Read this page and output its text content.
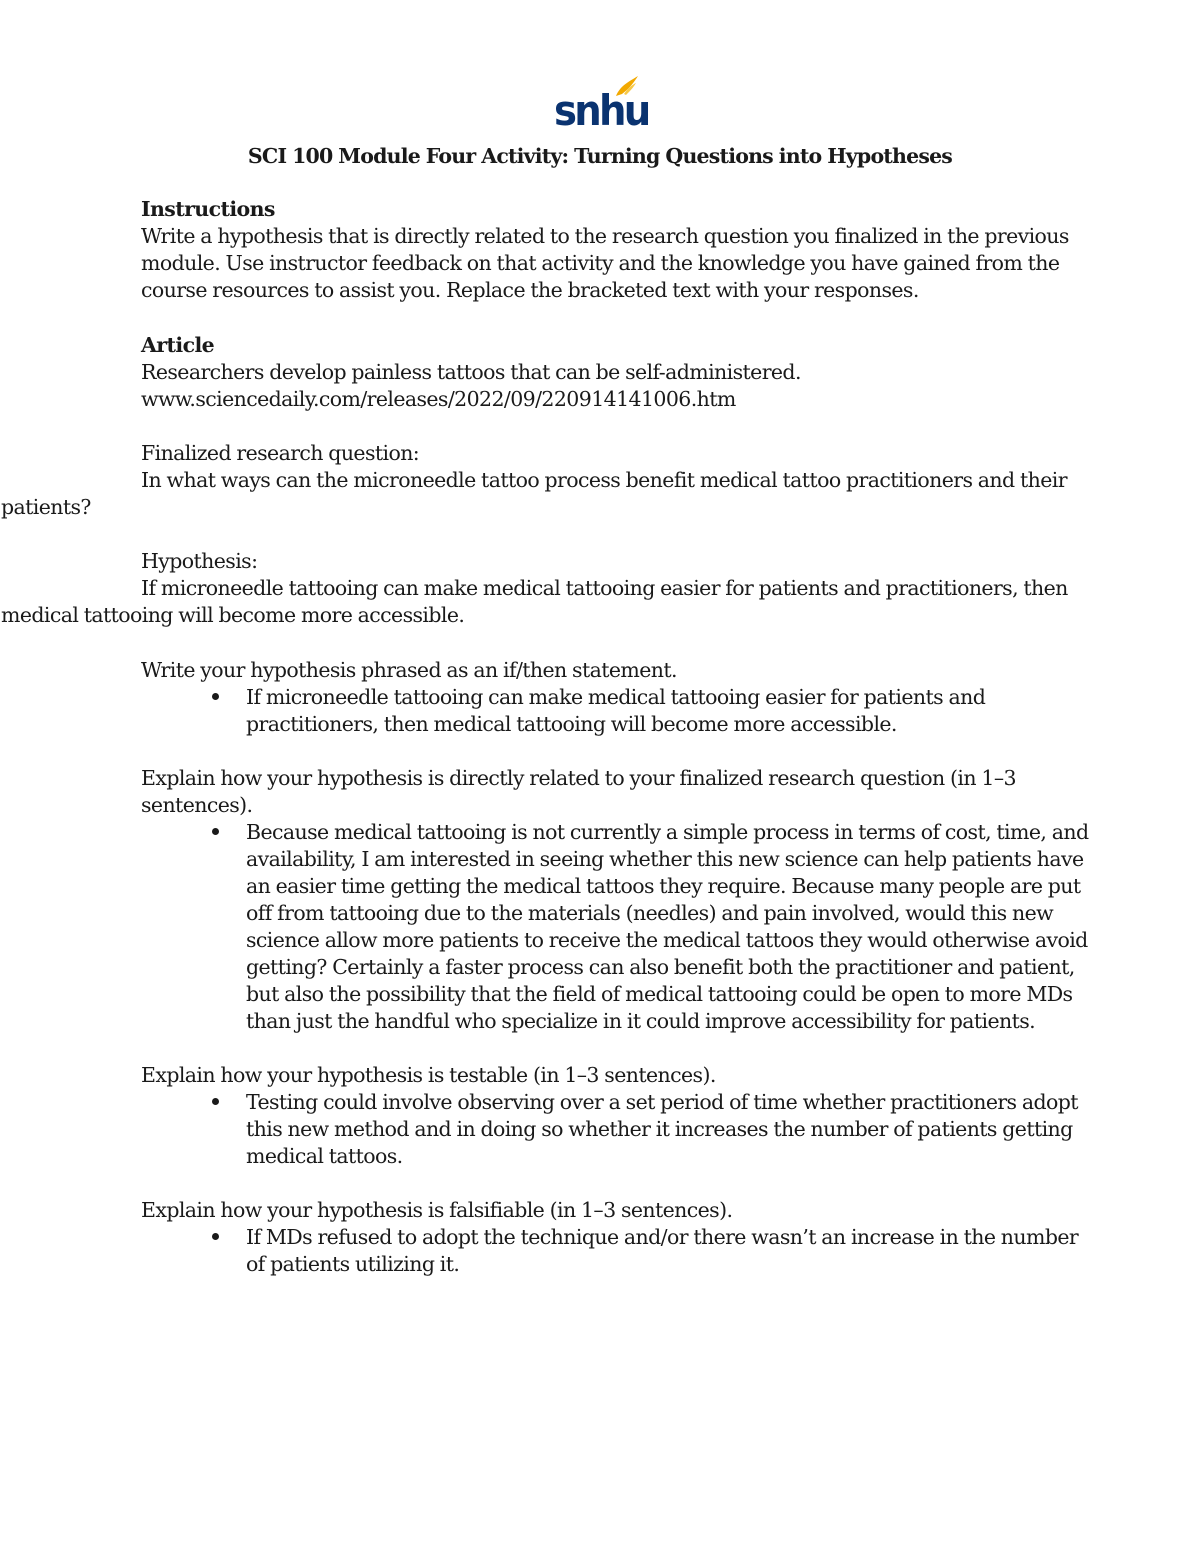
snhu
SCI 100 Module Four Activity: Turning Questions into Hypotheses
Instructions
Write a hypothesis that is directly related to the research question you finalized in the previous
module. Use instructor feedback on that activity and the knowledge you have gained from the
course resources to assist you. Replace the bracketed text with your responses.
Article
Researchers develop painless tattoos that can be self-administered.
www.sciencedaily.com/releases/2022/09/220914141006.htm
Finalized research question:
In what ways can the microneedle tattoo process benefit medical tattoo practitioners and their
patients?
Hypothesis:
If microneedle tattooing can make medical tattooing easier for patients and practitioners, then
medical tattooing will become more accessible.
Write your hypothesis phrased as an if/then statement.
If microneedle tattooing can make medical tattooing easier for patients and
practitioners, then medical tattooing will become more accessible.
Explain how your hypothesis is directly related to your finalized research question (in 1–3
sentences).
Because medical tattooing is not currently a simple process in terms of cost, time, and
availability, I am interested in seeing whether this new science can help patients have
an easier time getting the medical tattoos they require. Because many people are put
off from tattooing due to the materials (needles) and pain involved, would this new
science allow more patients to receive the medical tattoos they would otherwise avoid
getting? Certainly a faster process can also benefit both the practitioner and patient,
but also the possibility that the field of medical tattooing could be open to more MDs
than just the handful who specialize in it could improve accessibility for patients.
Explain how your hypothesis is testable (in 1–3 sentences).
Testing could involve observing over a set period of time whether practitioners adopt
this new method and in doing so whether it increases the number of patients getting
medical tattoos.
Explain how your hypothesis is falsifiable (in 1–3 sentences).
If MDs refused to adopt the technique and/or there wasn’t an increase in the number
of patients utilizing it.
